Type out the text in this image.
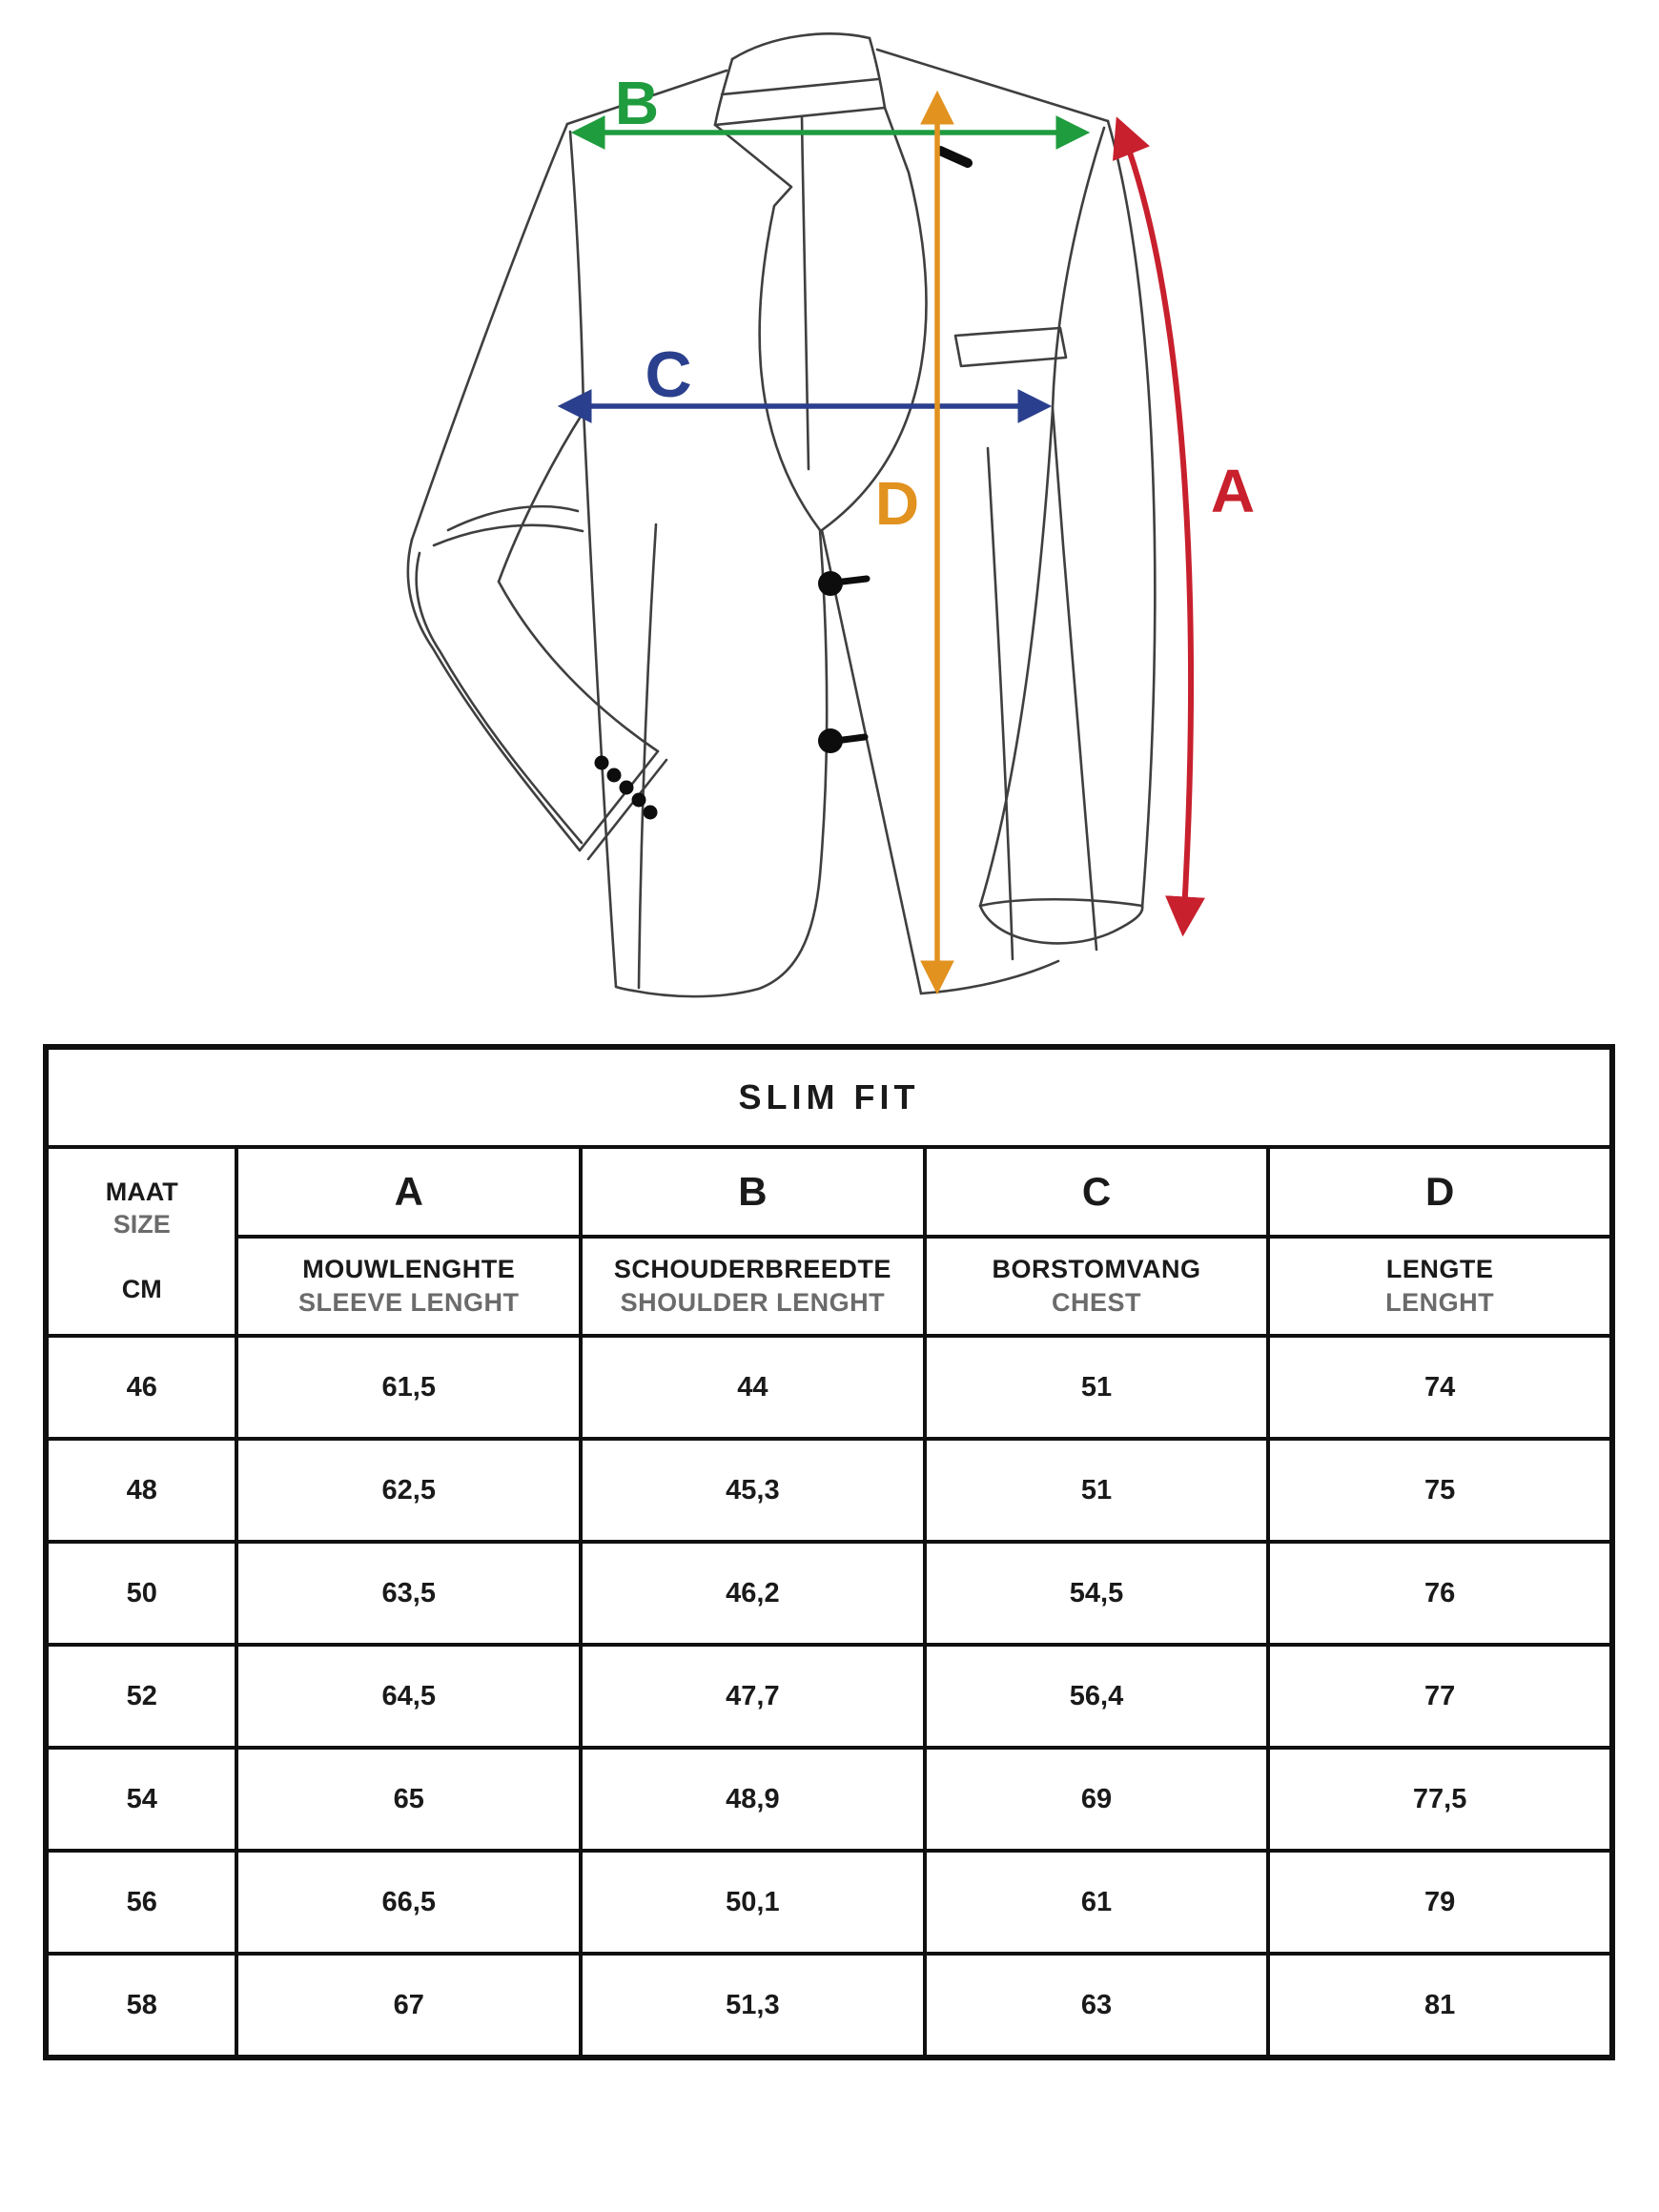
B
C
D	A
SLIM FIT				

MAAT
SIZE
CM	A	B	C	D

MOUWLENGHTE
SLEEVE LENGHT

SCHOUDERBREEDTE
SHOULDER LENGHT

BORSTOMVANG
CHEST

LENGTE
LENGHT

46	61,5	44	51	74
48	62,5	45,3	51	75
50	63,5	46,2	54,5	76
52	64,5	47,7	56,4	77
54	65	48,9	69	77,5
56	66,5	50,1	61	79
58	67	51,3	63	81
